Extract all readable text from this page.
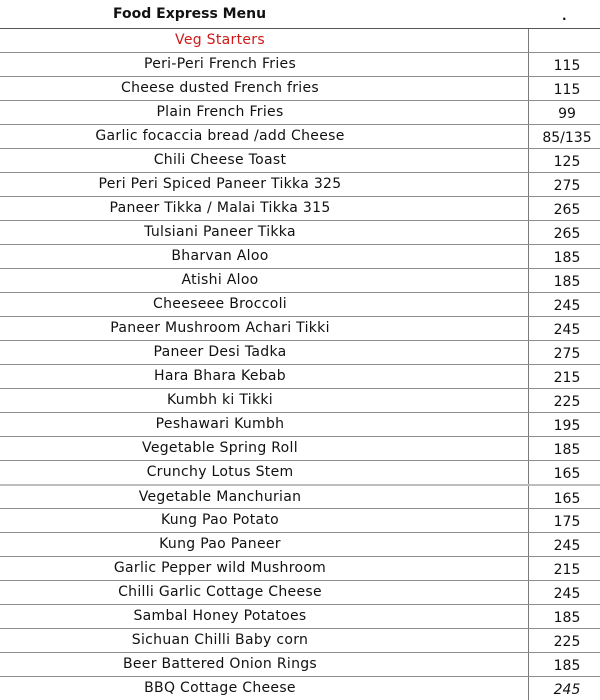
Food Express Menu	.
Veg Starters
Peri-Peri French Fries	115
Cheese dusted French fries	115
Plain French Fries	99
Garlic focaccia bread /add Cheese	85/135
Chili Cheese Toast	125
Peri Peri Spiced Paneer Tikka 325	275
Paneer Tikka / Malai Tikka 315	265
Tulsiani Paneer Tikka	265
Bharvan Aloo	185
Atishi Aloo	185
Cheeseee Broccoli	245
Paneer Mushroom Achari Tikki	245
Paneer Desi Tadka	275
Hara Bhara Kebab	215
Kumbh ki Tikki	225
Peshawari Kumbh	195
Vegetable Spring Roll	185
Crunchy Lotus Stem	165
Vegetable Manchurian	165
Kung Pao Potato	175
Kung Pao Paneer	245
Garlic Pepper wild Mushroom	215
Chilli Garlic Cottage Cheese	245
Sambal Honey Potatoes	185
Sichuan Chilli Baby corn	225
Beer Battered Onion Rings	185
BBQ Cottage Cheese	245
